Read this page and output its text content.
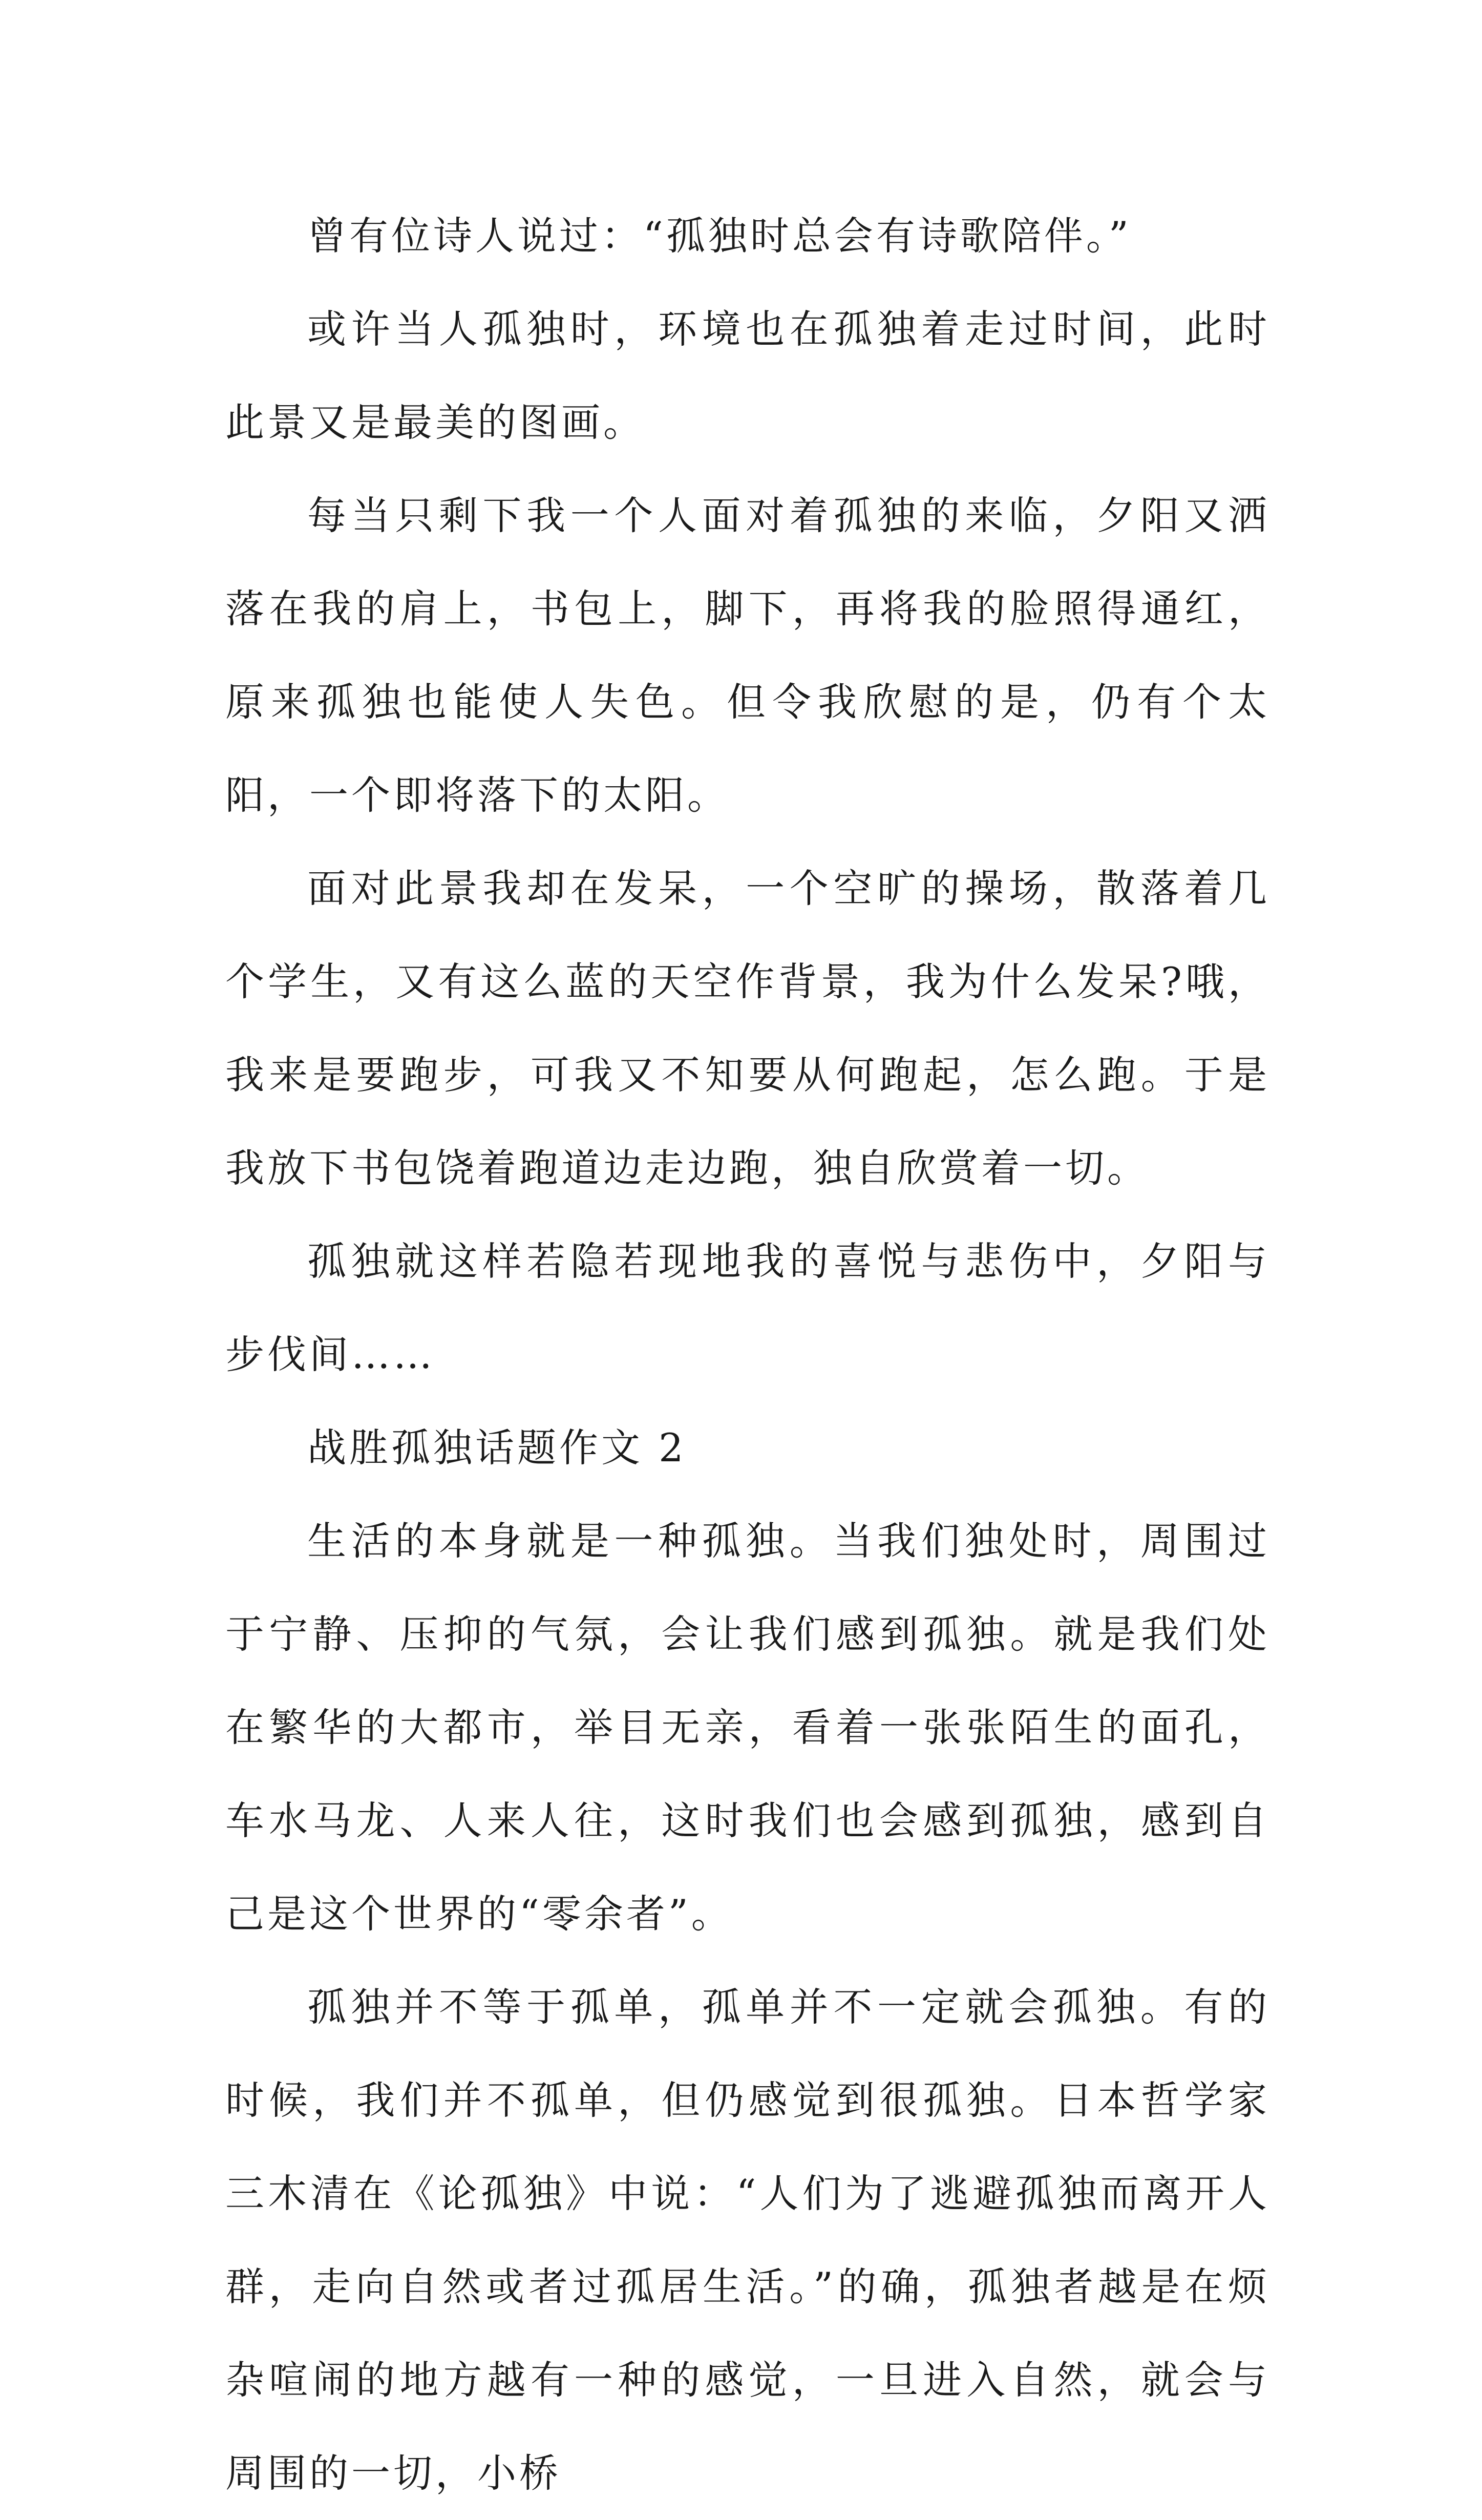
曾有位诗人说过：“孤独时总会有诗歌陪伴。”

或许当人孤独时，环境也在孤独着走过时间，此时此景又是最美的图画。

每当只剩下我一个人面对着孤独的来临，夕阳又洒落在我的肩上，书包上，脚下，再将我的脸照得通红，原来孤独也能使人失色。但令我欣慰的是，仍有个太阳，一个即将落下的太阳。

面对此景我却在发呆，一个空旷的操场，散落着几个学生，又有这么蓝的天空作背景，我为什么发呆?哦，我来是要跑步，可我又不知要从何跑起，怎么跑。于是我放下书包饶着跑道边走边跑，独自欣赏着一切。

孤独就这样若隐若现地我的喜悦与悲伤中，夕阳与步伐间……

战胜孤独话题作文 2

生活的本身就是一种孤独。当我们独处时，周围过于宁静、压抑的气氛，会让我们感到孤独。就是我们处在繁华的大都市，举目无亲，看着一张张陌生的面孔，车水马龙、人来人往，这时我们也会感到孤独，感到自己是这个世界的“零余者”。

孤独并不等于孤单，孤单并不一定就会孤独。有的时候，我们并不孤单，但仍感觉到很孤独。日本哲学家三木清在《论孤独》中说：“人们为了逃避孤独而离开人群，走向自然或者过孤居生活。”的确，孤独者越是在烦杂喧闹的地方越有一种的感觉，一旦进入自然，就会与周围的一切，小桥
